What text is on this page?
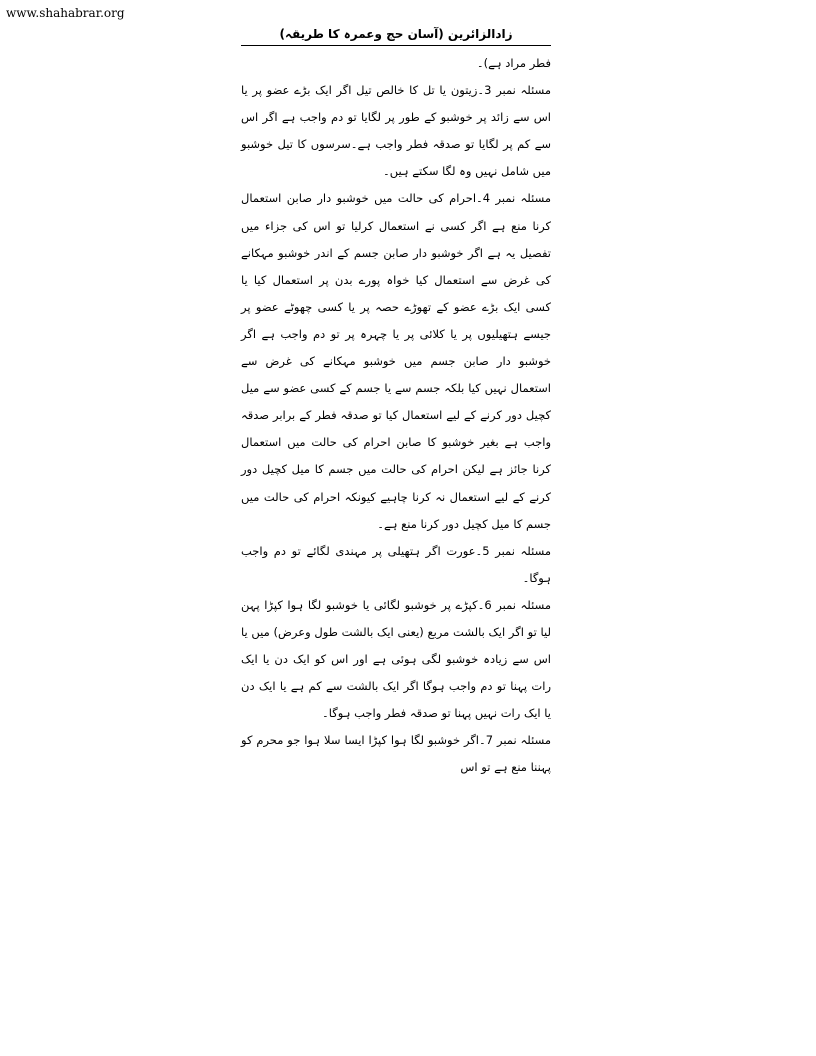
www.shahabrar.org
زادالزائرین (آسان حج وعمرہ کا طریقہ)

فطر مراد ہے)۔

مسئلہ نمبر 3۔زیتون یا تل کا خالص تیل اگر ایک بڑے عضو پر یا اس سے زائد پر خوشبو کے طور پر لگایا تو دم واجب ہے اگر اس سے کم پر لگایا تو صدقہ فطر واجب ہے۔سرسوں کا تیل خوشبو میں شامل نہیں وہ لگا سکتے ہیں۔

مسئلہ نمبر 4۔احرام کی حالت میں خوشبو دار صابن استعمال کرنا منع ہے اگر کسی نے استعمال کرلیا تو اس کی جزاء میں تفصیل یہ ہے اگر خوشبو دار صابن جسم کے اندر خوشبو مہکانے کی غرض سے استعمال کیا خواہ پورے بدن پر استعمال کیا یا کسی ایک بڑے عضو کے تھوڑے حصہ پر یا کسی چھوٹے عضو پر جیسے ہتھیلیوں پر یا کلائی پر یا چہرہ پر تو دم واجب ہے اگر خوشبو دار صابن جسم میں خوشبو مہکانے کی غرض سے استعمال نہیں کیا بلکہ جسم سے یا جسم کے کسی عضو سے میل کچیل دور کرنے کے لیے استعمال کیا تو صدقہ فطر کے برابر صدقہ واجب ہے بغیر خوشبو کا صابن احرام کی حالت میں استعمال کرنا جائز ہے لیکن احرام کی حالت میں جسم کا میل کچیل دور کرنے کے لیے استعمال نہ کرنا چاہیے کیونکہ احرام کی حالت میں جسم کا میل کچیل دور کرنا منع ہے۔

مسئلہ نمبر 5۔عورت اگر ہتھیلی پر مہندی لگائے تو دم واجب ہوگا۔

مسئلہ نمبر 6۔کپڑے پر خوشبو لگائی یا خوشبو لگا ہوا کپڑا پہن لیا تو اگر ایک بالشت مربع (یعنی ایک بالشت طول وعرض) میں یا اس سے زیادہ خوشبو لگی ہوئی ہے اور اس کو ایک دن یا ایک رات پہنا تو دم واجب ہوگا اگر ایک بالشت سے کم ہے یا ایک دن یا ایک رات نہیں پہنا تو صدقہ فطر واجب ہوگا۔

مسئلہ نمبر 7۔اگر خوشبو لگا ہوا کپڑا ایسا سلا ہوا جو محرم کو پہننا منع ہے تو اس
